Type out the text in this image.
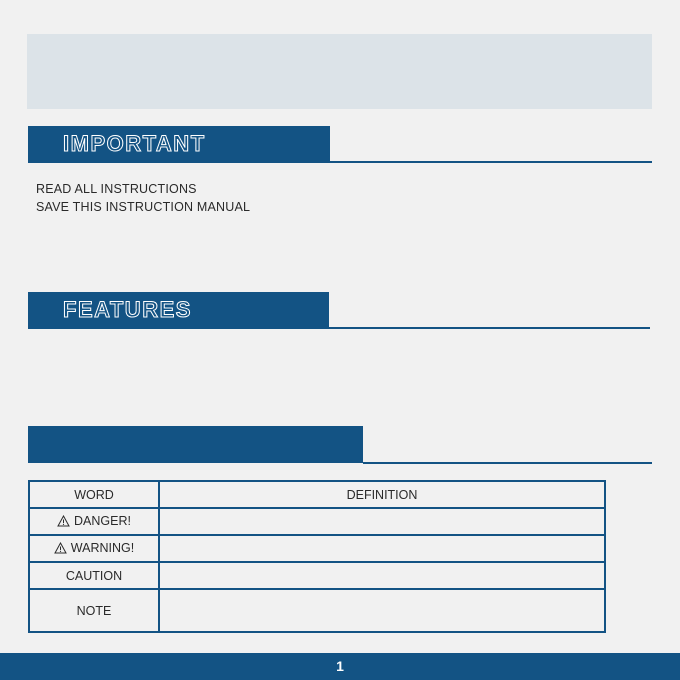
IMPORTANT
READ ALL INSTRUCTIONS
SAVE THIS INSTRUCTION MANUAL
FEATURES
WORD	DEFINITION
DANGER!	
WARNING!	
CAUTION	
NOTE	
1
